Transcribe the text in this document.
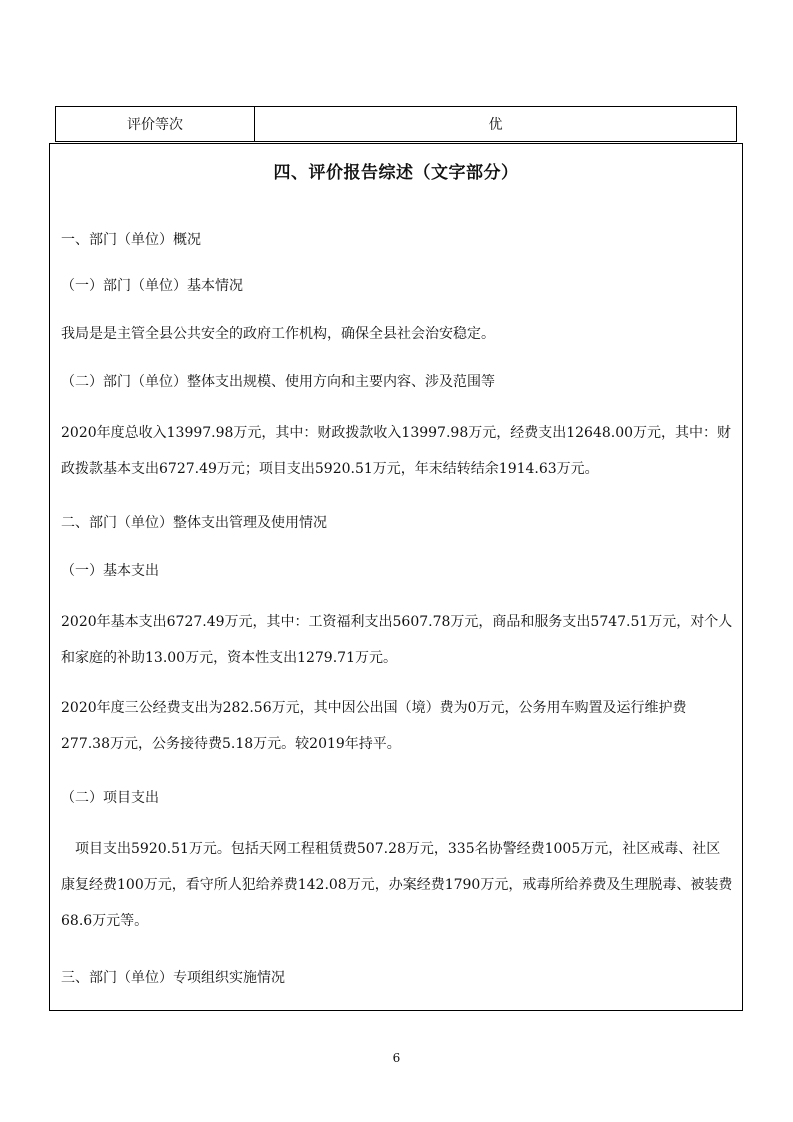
评价等次	优
四、评价报告综述（文字部分）
一、部门（单位）概况
（一）部门（单位）基本情况
我局是是主管全县公共安全的政府工作机构，确保全县社会治安稳定。
（二）部门（单位）整体支出规模、使用方向和主要内容、涉及范围等
2020年度总收入13997.98万元，其中：财政拨款收入13997.98万元，经费支出12648.00万元，其中：财政拨款基本支出6727.49万元；项目支出5920.51万元，年末结转结余1914.63万元。
二、部门（单位）整体支出管理及使用情况
（一）基本支出
2020年基本支出6727.49万元，其中：工资福利支出5607.78万元，商品和服务支出5747.51万元，对个人和家庭的补助13.00万元，资本性支出1279.71万元。
2020年度三公经费支出为282.56万元，其中因公出国（境）费为0万元，公务用车购置及运行维护费277.38万元，公务接待费5.18万元。较2019年持平。
（二）项目支出
项目支出5920.51万元。包括天网工程租赁费507.28万元，335名协警经费1005万元，社区戒毒、社区康复经费100万元，看守所人犯给养费142.08万元，办案经费1790万元，戒毒所给养费及生理脱毒、被装费68.6万元等。
三、部门（单位）专项组织实施情况
6
